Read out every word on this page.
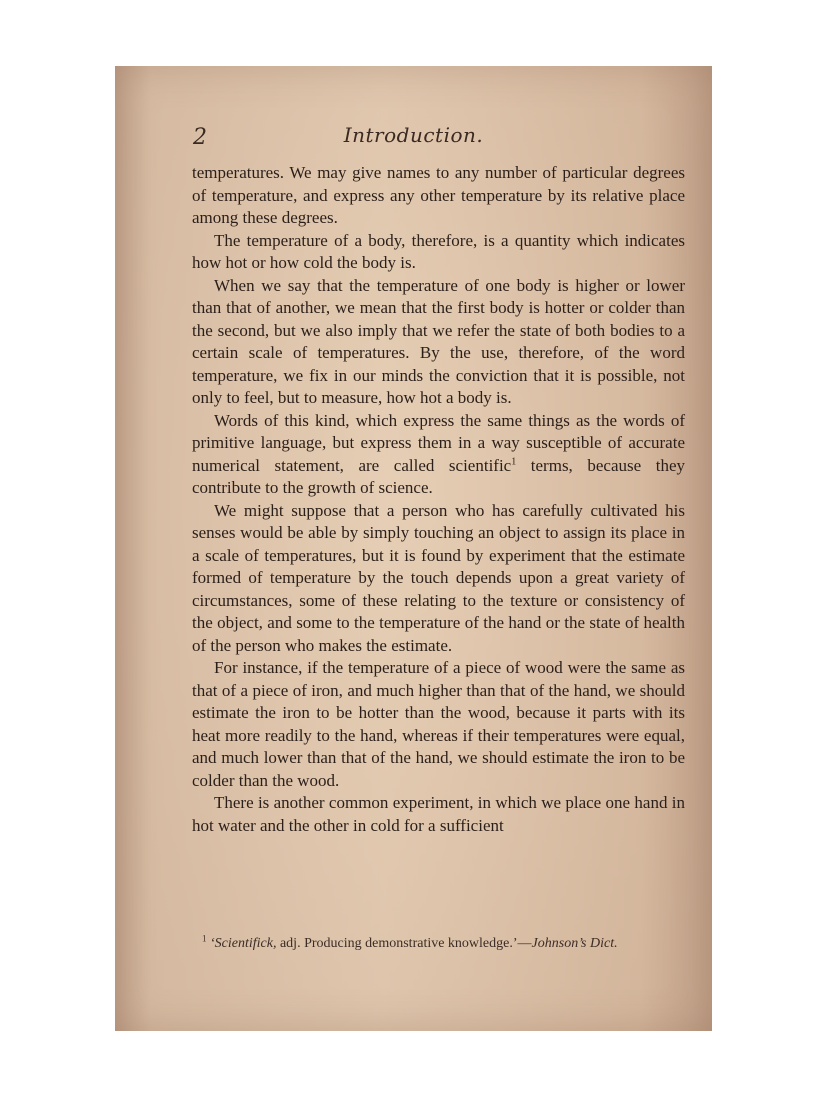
2	Introduction.

temperatures. We may give names to any number of particular degrees of temperature, and express any other temperature by its relative place among these degrees.

The temperature of a body, therefore, is a quantity which indicates how hot or how cold the body is.

When we say that the temperature of one body is higher or lower than that of another, we mean that the first body is hotter or colder than the second, but we also imply that we refer the state of both bodies to a certain scale of temperatures. By the use, therefore, of the word temperature, we fix in our minds the conviction that it is possible, not only to feel, but to measure, how hot a body is.

Words of this kind, which express the same things as the words of primitive language, but express them in a way susceptible of accurate numerical statement, are called scientific$^1$ terms, because they contribute to the growth of science.

We might suppose that a person who has carefully cultivated his senses would be able by simply touching an object to assign its place in a scale of temperatures, but it is found by experiment that the estimate formed of temperature by the touch depends upon a great variety of circumstances, some of these relating to the texture or consistency of the object, and some to the temperature of the hand or the state of health of the person who makes the estimate.

For instance, if the temperature of a piece of wood were the same as that of a piece of iron, and much higher than that of the hand, we should estimate the iron to be hotter than the wood, because it parts with its heat more readily to the hand, whereas if their temperatures were equal, and much lower than that of the hand, we should estimate the iron to be colder than the wood.

There is another common experiment, in which we place one hand in hot water and the other in cold for a sufficient

$^1$ ‘Scientifick, adj. Producing demonstrative knowledge.’—Johnson’s Dict.
